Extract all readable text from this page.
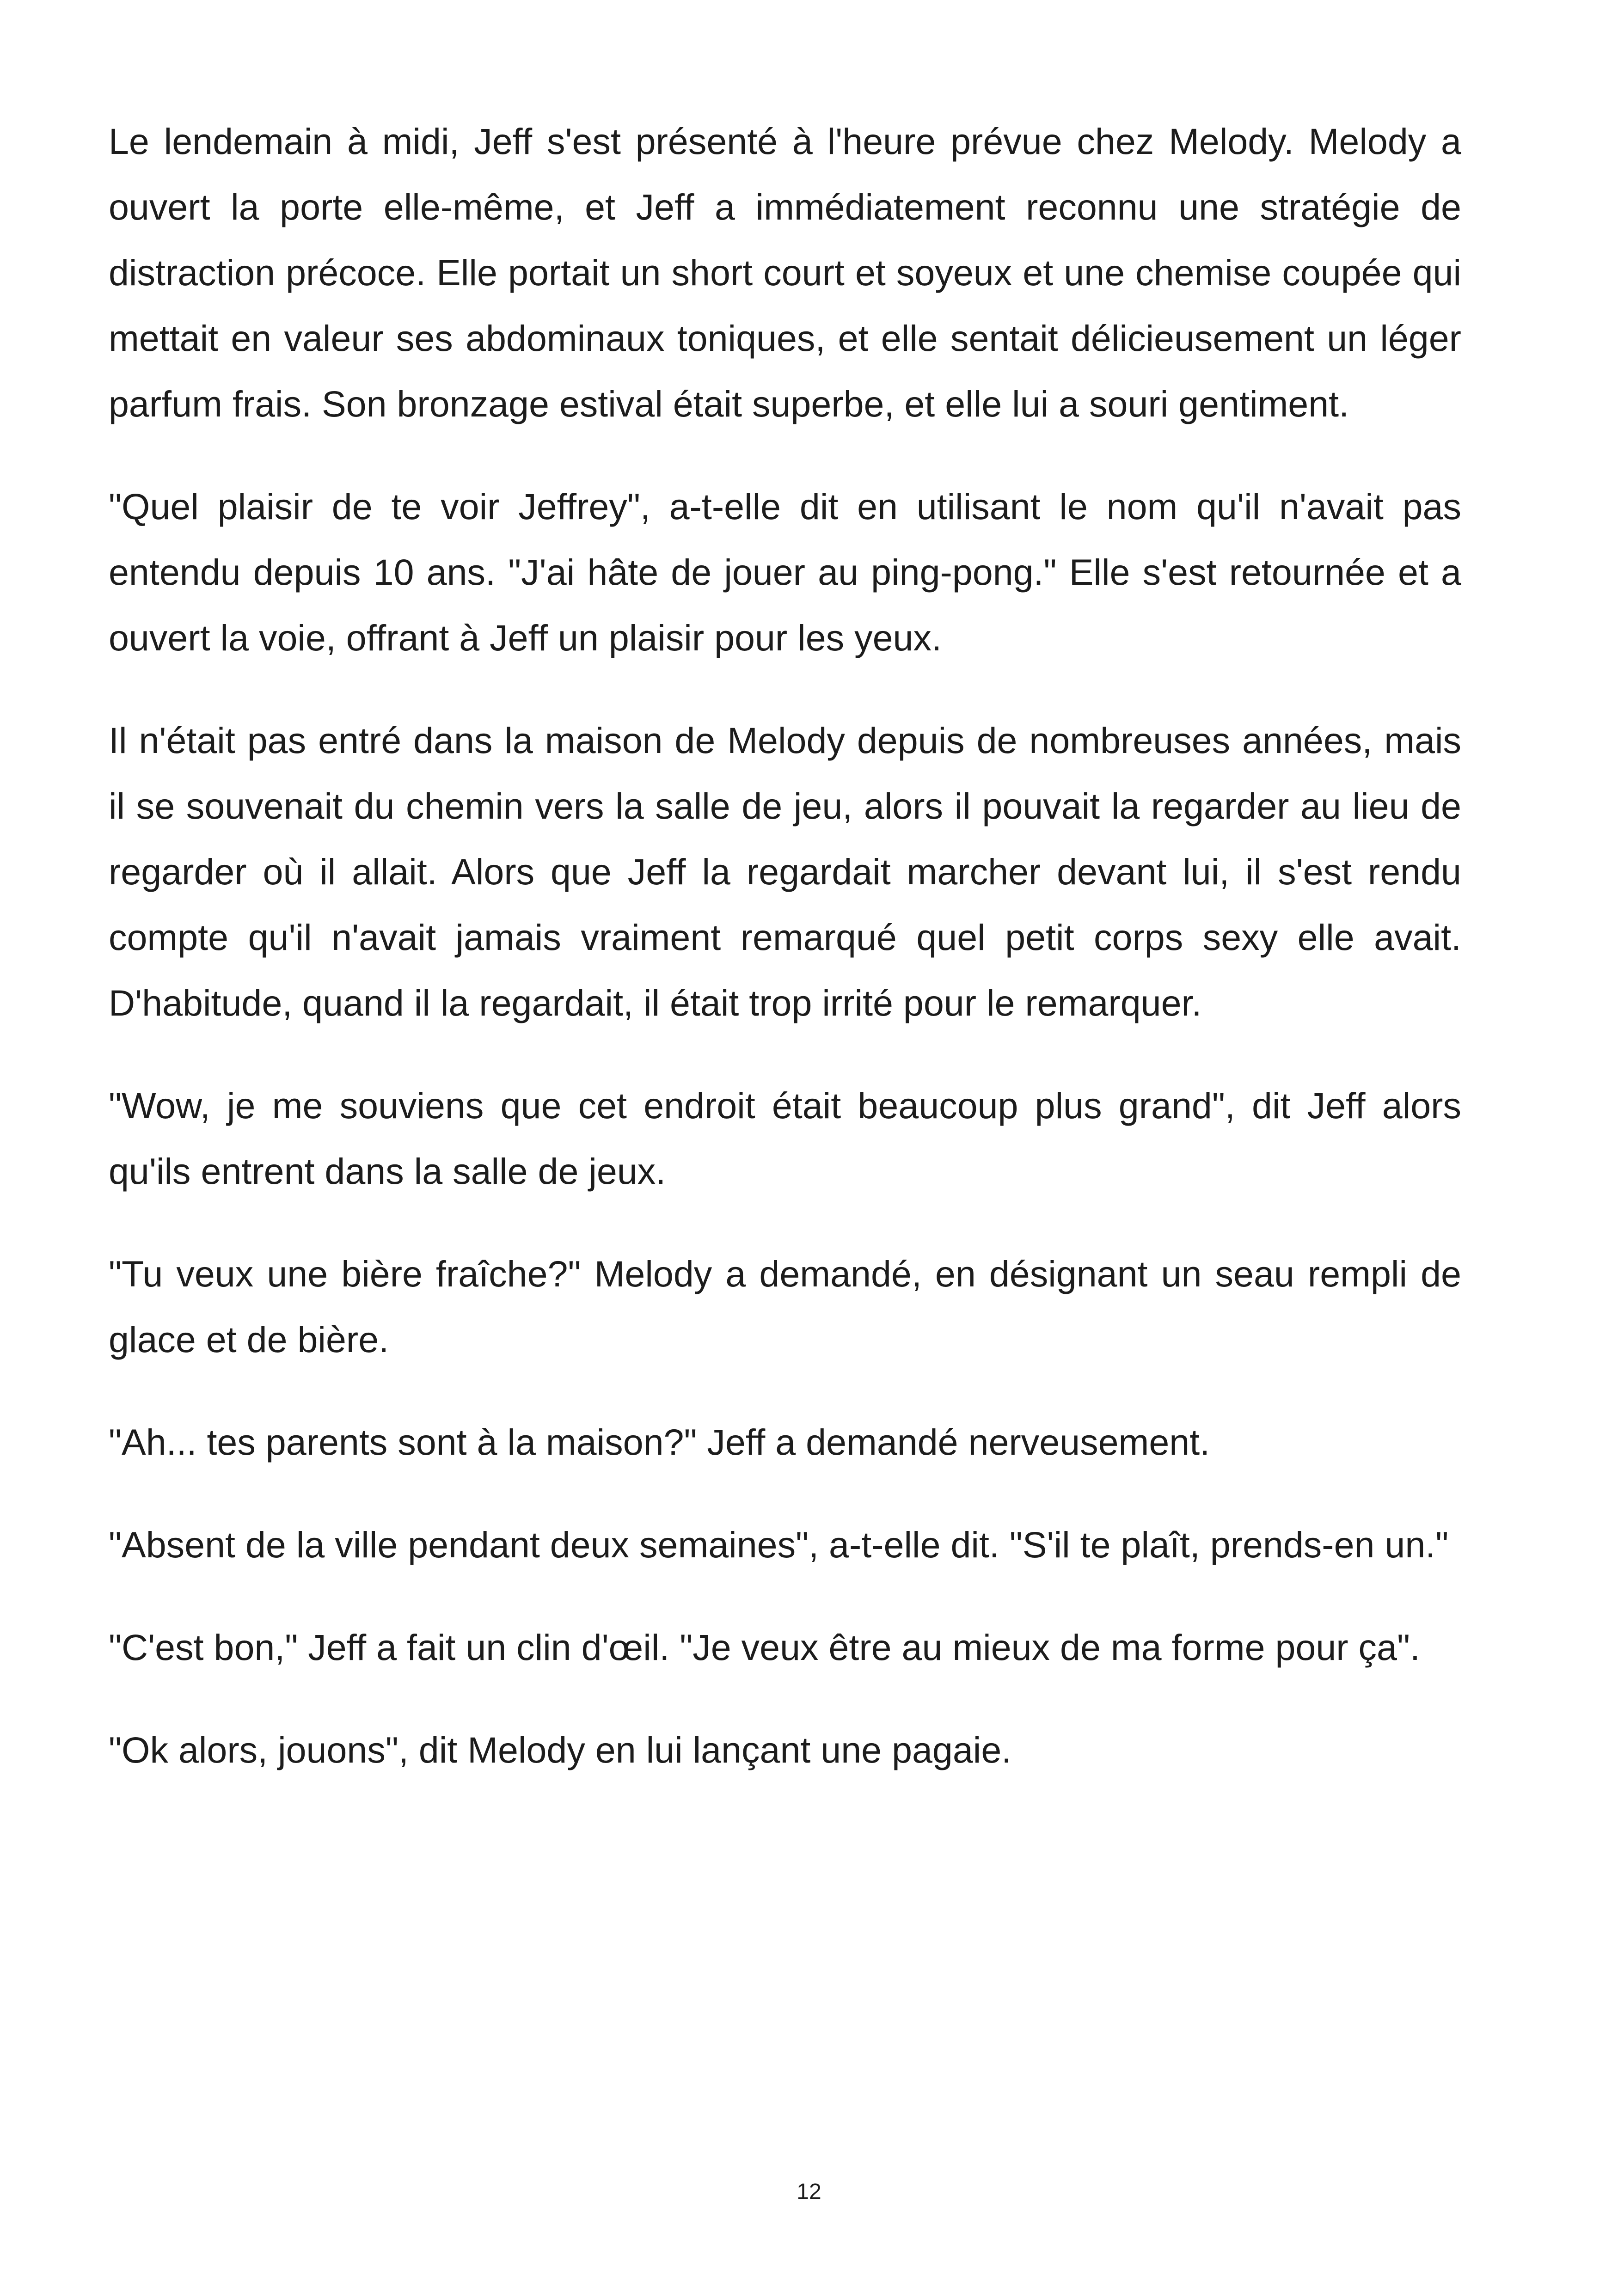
Le lendemain à midi, Jeff s'est présenté à l'heure prévue chez Melody. Melody a ouvert la porte elle-même, et Jeff a immédiatement reconnu une stratégie de distraction précoce. Elle portait un short court et soyeux et une chemise coupée qui mettait en valeur ses abdominaux toniques, et elle sentait délicieusement un léger parfum frais. Son bronzage estival était superbe, et elle lui a souri gentiment.

"Quel plaisir de te voir Jeffrey", a-t-elle dit en utilisant le nom qu'il n'avait pas entendu depuis 10 ans. "J'ai hâte de jouer au ping-pong." Elle s'est retournée et a ouvert la voie, offrant à Jeff un plaisir pour les yeux.

Il n'était pas entré dans la maison de Melody depuis de nombreuses années, mais il se souvenait du chemin vers la salle de jeu, alors il pouvait la regarder au lieu de regarder où il allait. Alors que Jeff la regardait marcher devant lui, il s'est rendu compte qu'il n'avait jamais vraiment remarqué quel petit corps sexy elle avait. D'habitude, quand il la regardait, il était trop irrité pour le remarquer.

"Wow, je me souviens que cet endroit était beaucoup plus grand", dit Jeff alors qu'ils entrent dans la salle de jeux.

"Tu veux une bière fraîche?" Melody a demandé, en désignant un seau rempli de glace et de bière.

"Ah... tes parents sont à la maison?" Jeff a demandé nerveusement.

"Absent de la ville pendant deux semaines", a-t-elle dit. "S'il te plaît, prends-en un."

"C'est bon," Jeff a fait un clin d'œil. "Je veux être au mieux de ma forme pour ça".

"Ok alors, jouons", dit Melody en lui lançant une pagaie.

12
